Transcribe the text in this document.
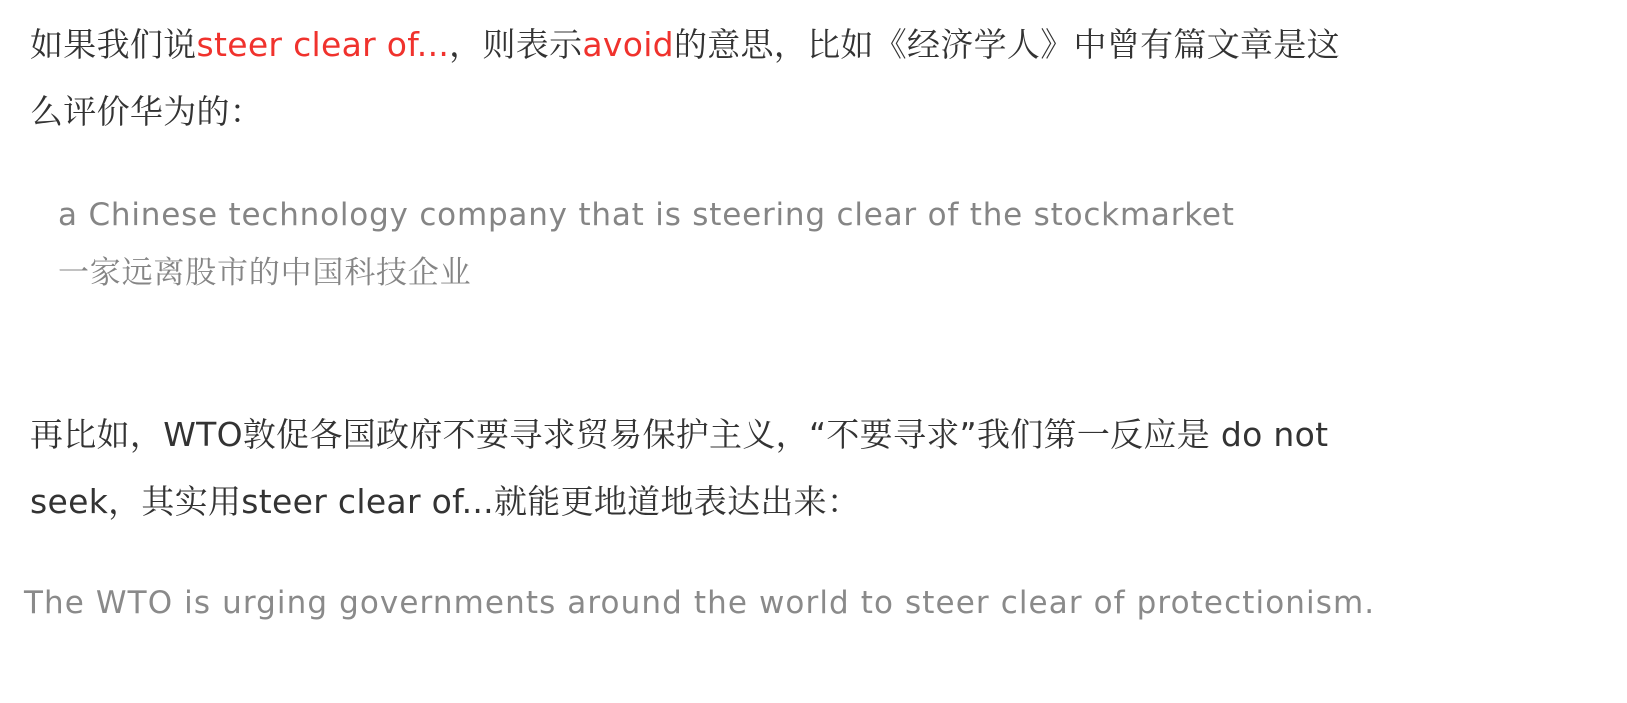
如果我们说steer clear of...，则表示avoid的意思，比如《经济学人》中曾有篇文章是这
么评价华为的：

a Chinese technology company that is steering clear of the stockmarket
一家远离股市的中国科技企业

再比如，WTO敦促各国政府不要寻求贸易保护主义，“不要寻求”我们第一反应是 do not
seek，其实用steer clear of...就能更地道地表达出来：

The WTO is urging governments around the world to steer clear of protectionism.
